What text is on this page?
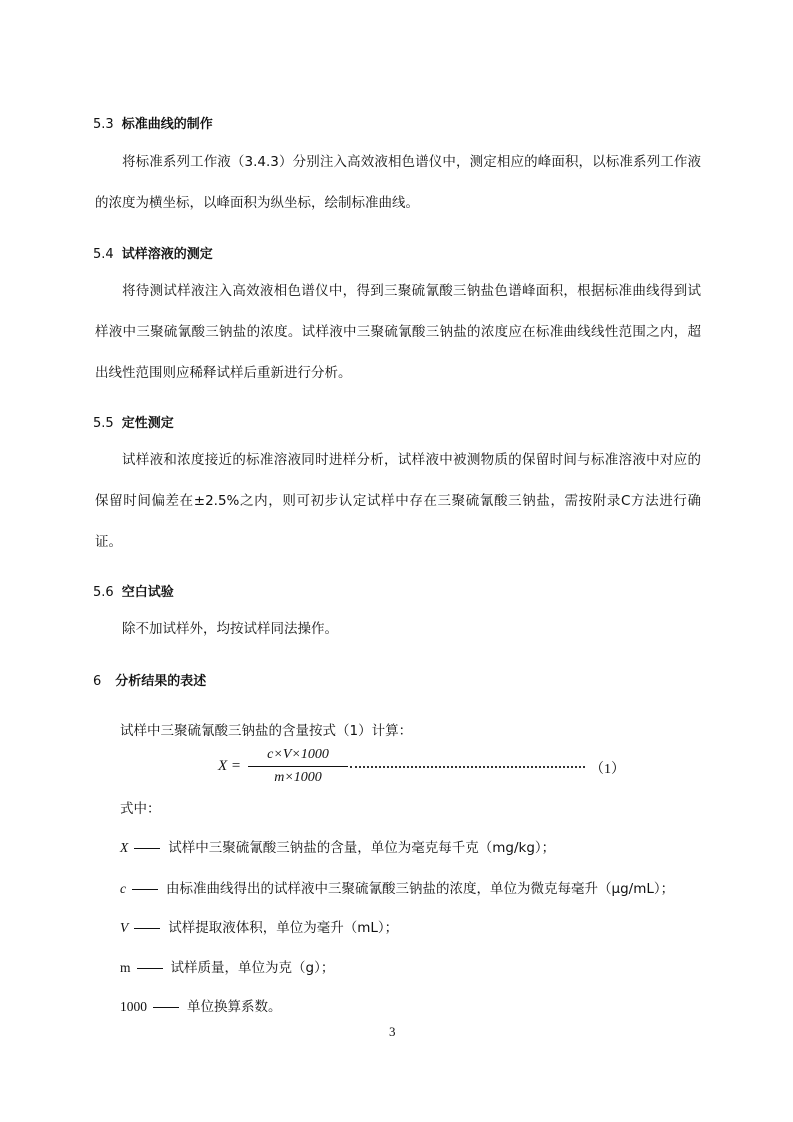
5.3 标准曲线的制作
将标准系列工作液（3.4.3）分别注入高效液相色谱仪中，测定相应的峰面积，以标准系列工作液的浓度为横坐标，以峰面积为纵坐标，绘制标准曲线。
5.4 试样溶液的测定
将待测试样液注入高效液相色谱仪中，得到三聚硫氰酸三钠盐色谱峰面积，根据标准曲线得到试样液中三聚硫氰酸三钠盐的浓度。试样液中三聚硫氰酸三钠盐的浓度应在标准曲线线性范围之内，超出线性范围则应稀释试样后重新进行分析。
5.5 定性测定
试样液和浓度接近的标准溶液同时进样分析，试样液中被测物质的保留时间与标准溶液中对应的保留时间偏差在±2.5%之内，则可初步认定试样中存在三聚硫氰酸三钠盐，需按附录C方法进行确证。
5.6 空白试验
除不加试样外，均按试样同法操作。
6 分析结果的表述
试样中三聚硫氰酸三钠盐的含量按式（1）计算：
X =
c×V×1000
m×1000
（1）
式中：
X	试样中三聚硫氰酸三钠盐的含量，单位为毫克每千克（mg/kg）；
c	由标准曲线得出的试样液中三聚硫氰酸三钠盐的浓度，单位为微克每毫升（μg/mL）；
V	试样提取液体积，单位为毫升（mL）；
m	试样质量，单位为克（g）；
1000	单位换算系数。
3
